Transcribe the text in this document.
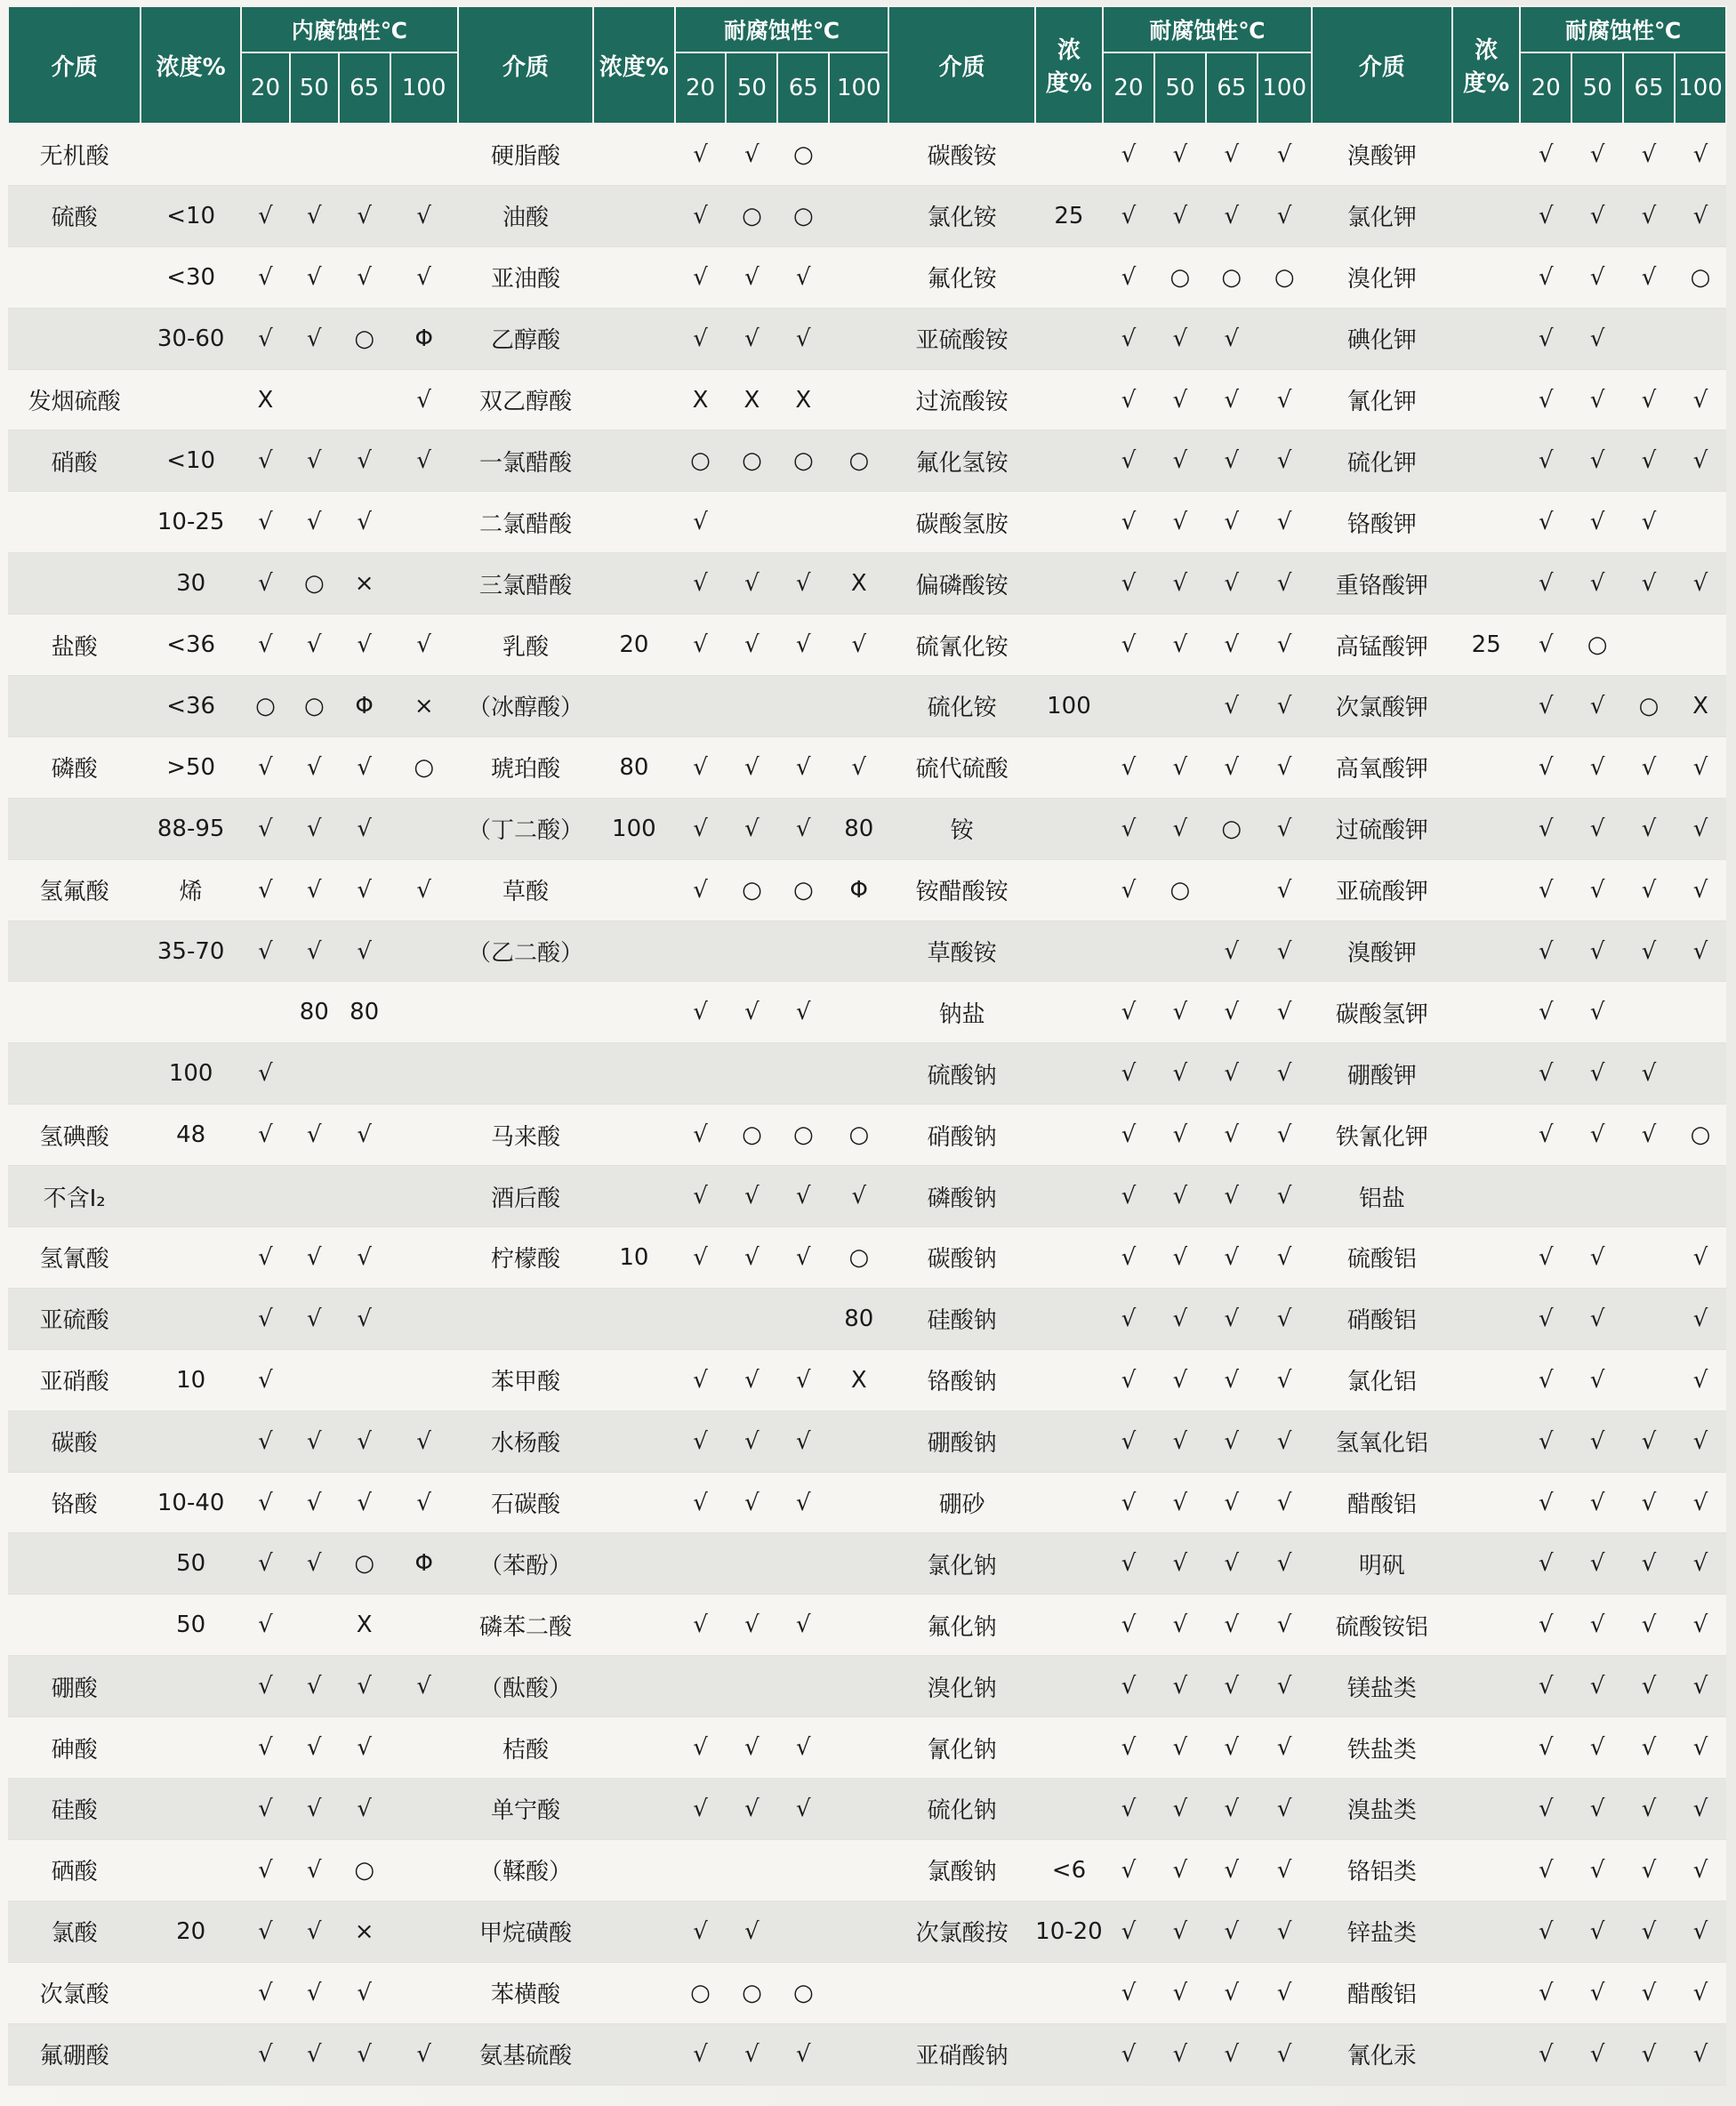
介质	浓度%	内腐蚀性℃				介质	浓度%	耐腐蚀性℃				介质	浓度%	耐腐蚀性℃				介质	浓度%	耐腐蚀性℃			
		20	50	65	100			20	50	65	100			20	50	65	100			20	50	65	100
无机酸						硬脂酸		√	√	○		碳酸铵		√	√	√	√	溴酸钾		√	√	√	√
硫酸	<10	√	√	√	√	油酸		√	○	○		氯化铵	25	√	√	√	√	氯化钾		√	√	√	√
	<30	√	√	√	√	亚油酸		√	√	√		氟化铵		√	○	○	○	溴化钾		√	√	√	○
	30-60	√	√	○	Φ	乙醇酸		√	√	√		亚硫酸铵		√	√	√		碘化钾		√	√		
发烟硫酸		X			√	双乙醇酸		X	X	X		过流酸铵		√	√	√	√	氰化钾		√	√	√	√
硝酸	<10	√	√	√	√	一氯醋酸		○	○	○	○	氟化氢铵		√	√	√	√	硫化钾		√	√	√	√
	10-25	√	√	√		二氯醋酸		√				碳酸氢胺		√	√	√	√	铬酸钾		√	√	√	
	30	√	○	×		三氯醋酸		√	√	√	X	偏磷酸铵		√	√	√	√	重铬酸钾		√	√	√	√
盐酸	<36	√	√	√	√	乳酸	20	√	√	√	√	硫氰化铵		√	√	√	√	高锰酸钾	25	√	○		
	<36	○	○	Φ	×	（冰醇酸）						硫化铵	100			√	√	次氯酸钾		√	√	○	X
磷酸	>50	√	√	√	○	琥珀酸	80	√	√	√	√	硫代硫酸		√	√	√	√	高氧酸钾		√	√	√	√
	88-95	√	√	√		（丁二酸）	100	√	√	√	80	铵		√	√	○	√	过硫酸钾		√	√	√	√
氢氟酸	烯	√	√	√	√	草酸		√	○	○	Φ	铵醋酸铵		√	○		√	亚硫酸钾		√	√	√	√
	35-70	√	√	√		（乙二酸）						草酸铵				√	√	溴酸钾		√	√	√	√
			80	80				√	√	√		钠盐		√	√	√	√	碳酸氢钾		√	√		
	100	√										硫酸钠		√	√	√	√	硼酸钾		√	√	√	
氢碘酸	48	√	√	√		马来酸		√	○	○	○	硝酸钠		√	√	√	√	铁氰化钾		√	√	√	○
不含I₂						酒后酸		√	√	√	√	磷酸钠		√	√	√	√	铝盐					
氢氰酸		√	√	√		柠檬酸	10	√	√	√	○	碳酸钠		√	√	√	√	硫酸铝		√	√		√
亚硫酸		√	√	√							80	硅酸钠		√	√	√	√	硝酸铝		√	√		√
亚硝酸	10	√				苯甲酸		√	√	√	X	铬酸钠		√	√	√	√	氯化铝		√	√		√
碳酸		√	√	√	√	水杨酸		√	√	√		硼酸钠		√	√	√	√	氢氧化铝		√	√	√	√
铬酸	10-40	√	√	√	√	石碳酸		√	√	√		硼砂		√	√	√	√	醋酸铝		√	√	√	√
	50	√	√	○	Φ	（苯酚）						氯化钠		√	√	√	√	明矾		√	√	√	√
	50	√		X		磷苯二酸		√	√	√		氟化钠		√	√	√	√	硫酸铵铝		√	√	√	√
硼酸		√	√	√	√	（酞酸）						溴化钠		√	√	√	√	镁盐类		√	√	√	√
砷酸		√	√	√		桔酸		√	√	√		氰化钠		√	√	√	√	铁盐类		√	√	√	√
硅酸		√	√	√		单宁酸		√	√	√		硫化钠		√	√	√	√	溴盐类		√	√	√	√
硒酸		√	√	○		（鞣酸）						氯酸钠	<6	√	√	√	√	铬铝类		√	√	√	√
氯酸	20	√	√	×		甲烷磺酸		√	√			次氯酸按	10-20	√	√	√	√	锌盐类		√	√	√	√
次氯酸		√	√	√		苯横酸		○	○	○				√	√	√	√	醋酸铝		√	√	√	√
氟硼酸		√	√	√	√	氨基硫酸		√	√	√		亚硝酸钠		√	√	√	√	氰化汞		√	√	√	√
